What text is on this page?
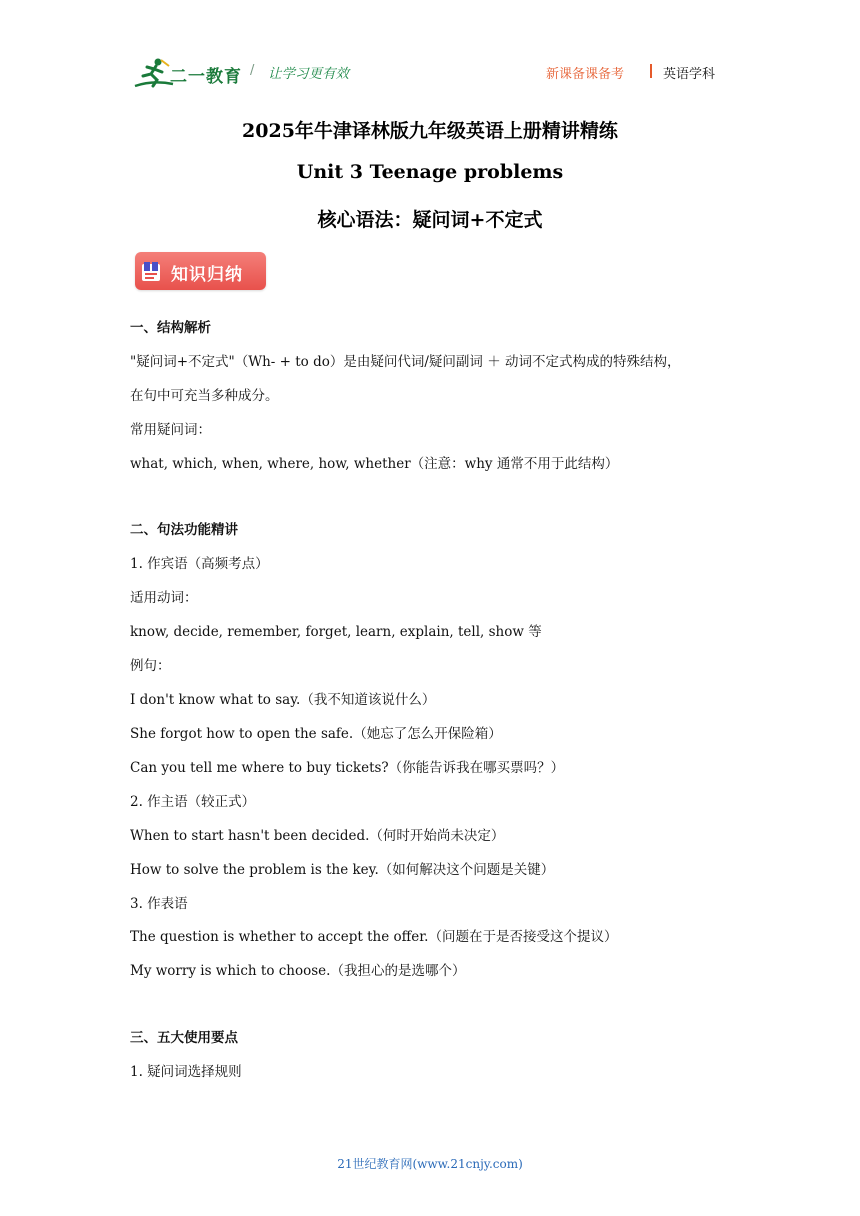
二一教育 / 让学习更有效	新课备课备考	英语学科
2025年牛津译林版九年级英语上册精讲精练
Unit 3 Teenage problems
核心语法：疑问词+不定式
知识归纳
一、结构解析
"疑问词+不定式"（Wh- + to do）是由疑问代词/疑问副词 ＋ 动词不定式构成的特殊结构，
在句中可充当多种成分。
常用疑问词：
what, which, when, where, how, whether（注意：why 通常不用于此结构）
二、句法功能精讲
1. 作宾语（高频考点）
适用动词：
know, decide, remember, forget, learn, explain, tell, show 等
例句：
I don't know what to say.（我不知道该说什么）
She forgot how to open the safe.（她忘了怎么开保险箱）
Can you tell me where to buy tickets?（你能告诉我在哪买票吗？）
2. 作主语（较正式）
When to start hasn't been decided.（何时开始尚未决定）
How to solve the problem is the key.（如何解决这个问题是关键）
3. 作表语
The question is whether to accept the offer.（问题在于是否接受这个提议）
My worry is which to choose.（我担心的是选哪个）
三、五大使用要点
1. 疑问词选择规则
21世纪教育网(www.21cnjy.com)
